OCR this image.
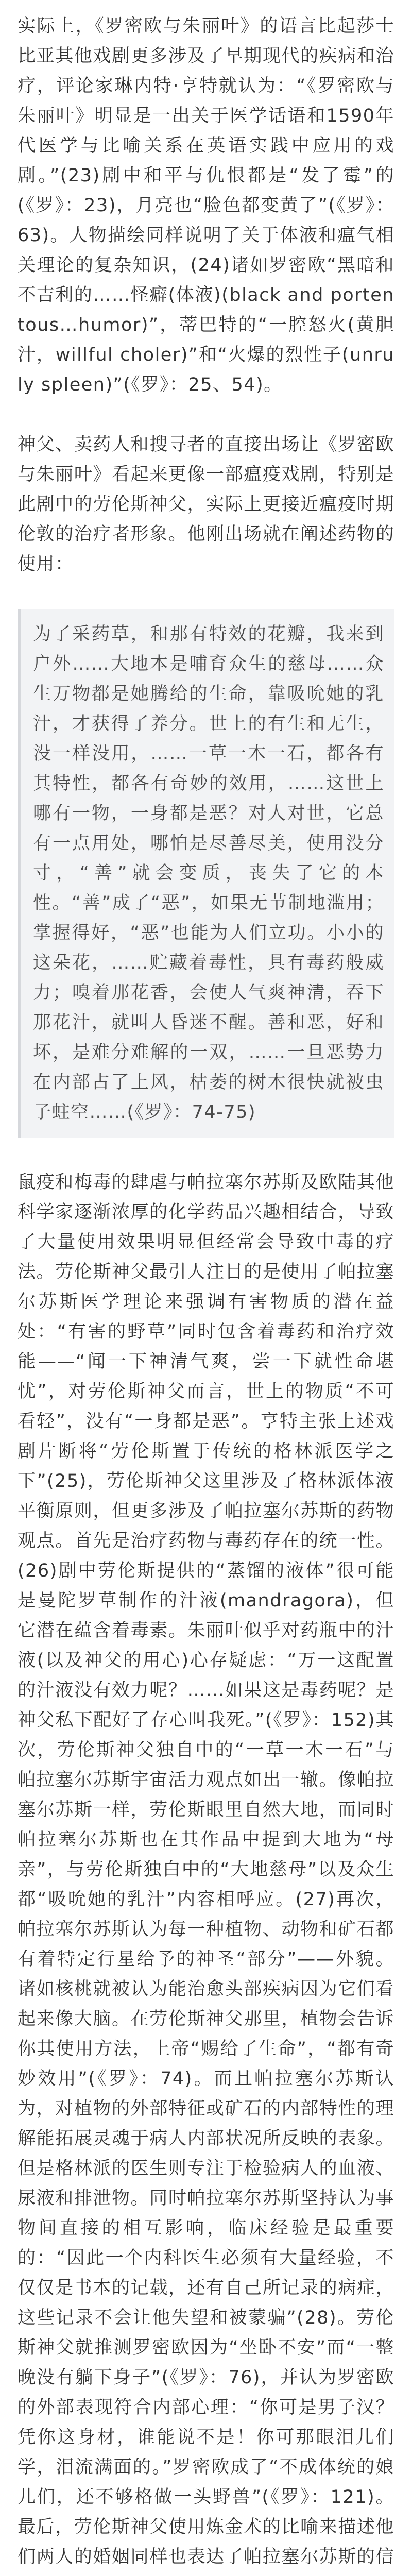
实际上，《罗密欧与朱丽叶》的语言比起莎士比亚其他戏剧更多涉及了早期现代的疾病和治疗，评论家琳内特·亨特就认为：“《罗密欧与朱丽叶》明显是一出关于医学话语和1590年代医学与比喻关系在英语实践中应用的戏剧。”(23)剧中和平与仇恨都是“发了霉”的(《罗》：23)，月亮也“脸色都变黄了”(《罗》：63)。人物描绘同样说明了关于体液和瘟气相关理论的复杂知识，(24)诸如罗密欧“黑暗和不吉利的……怪癖(体液)(black and portentous…humor)”，蒂巴特的“一腔怒火(黄胆汁，willful choler)”和“火爆的烈性子(unruly spleen)”(《罗》：25、54)。

神父、卖药人和搜寻者的直接出场让《罗密欧与朱丽叶》看起来更像一部瘟疫戏剧，特别是此剧中的劳伦斯神父，实际上更接近瘟疫时期伦敦的治疗者形象。他刚出场就在阐述药物的使用：

为了采药草，和那有特效的花瓣，我来到户外……大地本是哺育众生的慈母……众生万物都是她腾给的生命，靠吸吮她的乳汁，才获得了养分。世上的有生和无生，没一样没用，……一草一木一石，都各有其特性，都各有奇妙的效用，……这世上哪有一物，一身都是恶？对人对世，它总有一点用处，哪怕是尽善尽美，使用没分寸，“善”就会变质，丧失了它的本性。“善”成了“恶”，如果无节制地滥用；掌握得好，“恶”也能为人们立功。小小的这朵花，……贮藏着毒性，具有毒药般威力；嗅着那花香，会使人气爽神清，吞下那花汁，就叫人昏迷不醒。善和恶，好和坏，是难分难解的一双，……一旦恶势力在内部占了上风，枯萎的树木很快就被虫子蛀空……(《罗》：74-75)

鼠疫和梅毒的肆虐与帕拉塞尔苏斯及欧陆其他科学家逐渐浓厚的化学药品兴趣相结合，导致了大量使用效果明显但经常会导致中毒的疗法。劳伦斯神父最引人注目的是使用了帕拉塞尔苏斯医学理论来强调有害物质的潜在益处：“有害的野草”同时包含着毒药和治疗效能——“闻一下神清气爽，尝一下就性命堪忧”，对劳伦斯神父而言，世上的物质“不可看轻”，没有“一身都是恶”。亨特主张上述戏剧片断将“劳伦斯置于传统的格林派医学之下”(25)，劳伦斯神父这里涉及了格林派体液平衡原则，但更多涉及了帕拉塞尔苏斯的药物观点。首先是治疗药物与毒药存在的统一性。(26)剧中劳伦斯提供的“蒸馏的液体”很可能是曼陀罗草制作的汁液(mandragora)，但它潜在蕴含着毒素。朱丽叶似乎对药瓶中的汁液(以及神父的用心)心存疑虑：“万一这配置的汁液没有效力呢？……如果这是毒药呢？是神父私下配好了存心叫我死。”(《罗》：152)其次，劳伦斯神父独自中的“一草一木一石”与帕拉塞尔苏斯宇宙活力观点如出一辙。像帕拉塞尔苏斯一样，劳伦斯眼里自然大地，而同时帕拉塞尔苏斯也在其作品中提到大地为“母亲”，与劳伦斯独白中的“大地慈母”以及众生都“吸吮她的乳汁”内容相呼应。(27)再次，帕拉塞尔苏斯认为每一种植物、动物和矿石都有着特定行星给予的神圣“部分”——外貌。诸如核桃就被认为能治愈头部疾病因为它们看起来像大脑。在劳伦斯神父那里，植物会告诉你其使用方法，上帝“赐给了生命”，“都有奇妙效用”(《罗》：74)。而且帕拉塞尔苏斯认为，对植物的外部特征或矿石的内部特性的理解能拓展灵魂于病人内部状况所反映的表象。但是格林派的医生则专注于检验病人的血液、尿液和排泄物。同时帕拉塞尔苏斯坚持认为事物间直接的相互影响，临床经验是最重要的：“因此一个内科医生必须有大量经验，不仅仅是书本的记载，还有自己所记录的病症，这些记录不会让他失望和被蒙骗”(28)。劳伦斯神父就推测罗密欧因为“坐卧不安”而“一整晚没有躺下身子”(《罗》：76)，并认为罗密欧的外部表现符合内部心理：“你可是男子汉？凭你这身材，谁能说不是！你可那眼泪儿们学，泪流满面的。”罗密欧成了“不成体统的娘儿们，还不够格做一头野兽”(《罗》：121)。最后，劳伦斯神父使用炼金术的比喻来描述他们两人的婚姻同样也表达了帕拉塞尔苏斯的信
